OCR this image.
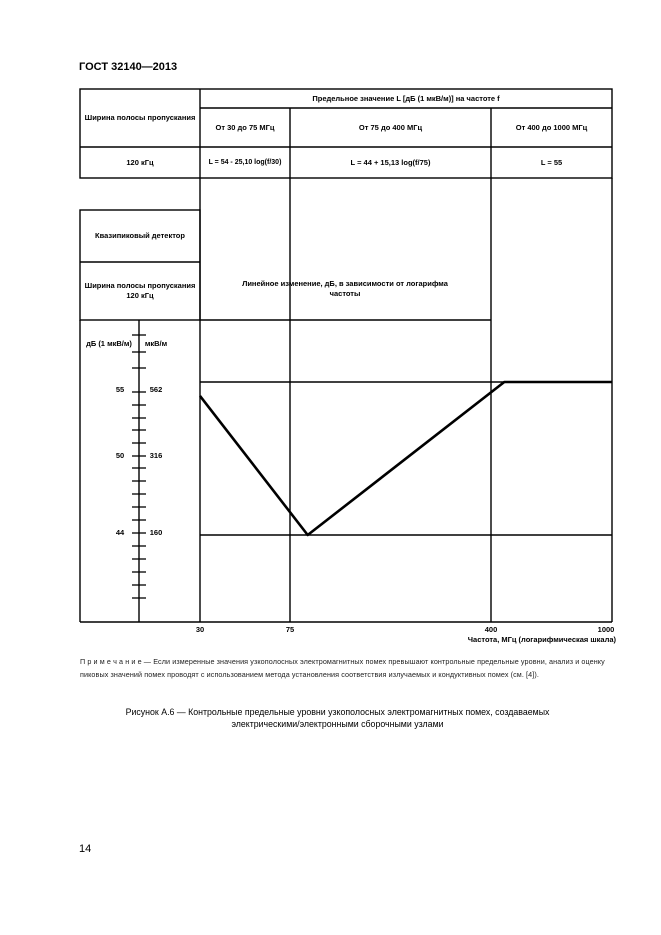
ГОСТ 32140—2013
Ширина полосы пропускания
Предельное значение L [дБ (1 мкВ/м)] на частоте f
От 30 до 75 МГц	От 75 до 400 МГц	От 400 до 1000 МГц
120 кГц	L = 54 - 25,10 log(f/30)	L = 44 + 15,13 log(f/75)	L = 55
Квазипиковый детектор
Ширина полосы пропускания 120 кГц
дБ (1 мкВ/м)	мкВ/м
55
50
44
562
316
160
Линейное изменение, дБ, в зависимости от логарифма частоты
30	75	400	1000
Частота, МГц (логарифмическая шкала)
П р и м е ч а н и е — Если измеренные значения узкополосных электромагнитных помех превышают контрольные предельные уровни, анализ и оценку пиковых значений помех проводят с использованием метода установления соответствия излучаемых и кондуктивных помех (см. [4]).
Рисунок А.6 — Контрольные предельные уровни узкополосных электромагнитных помех, создаваемых
электрическими/электронными сборочными узлами
14
